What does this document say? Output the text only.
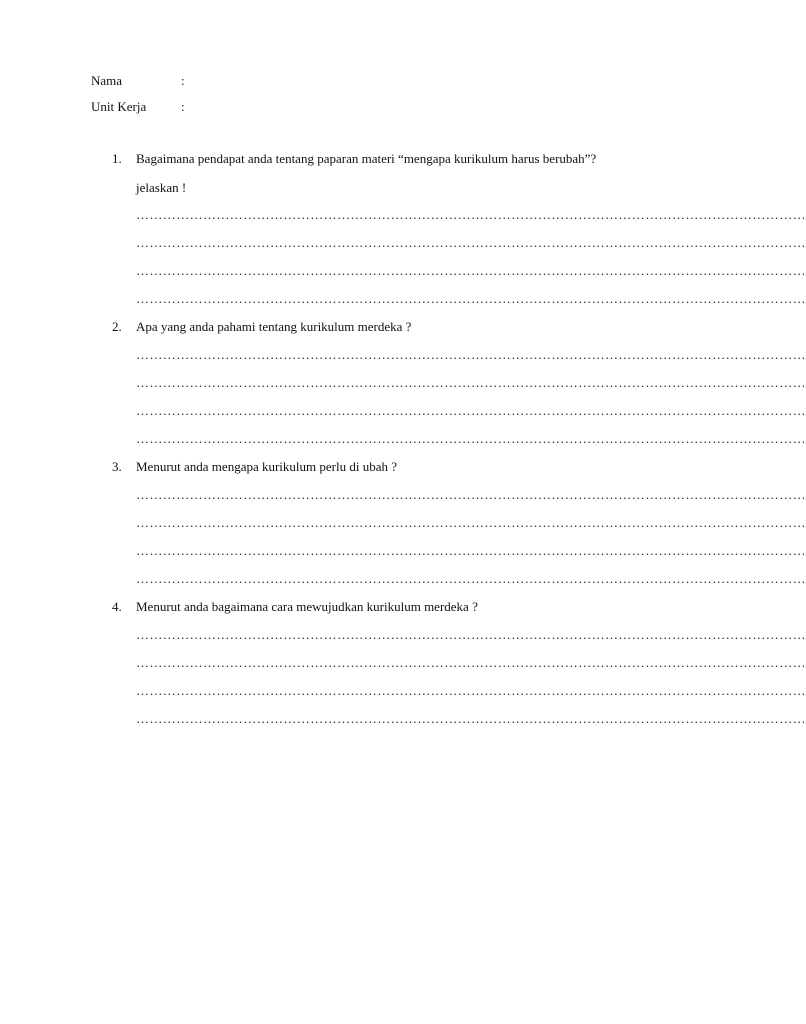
Nama	:
Unit Kerja	:
1. Bagaimana pendapat anda tentang paparan materi “mengapa kurikulum harus berubah”?
jelaskan !
……………………………………………………………………………………………………………………………………
……………………………………………………………………………………………………………………………………
……………………………………………………………………………………………………………………………………
……………………………………………………………………………………………………………………………………
2. Apa yang anda pahami tentang kurikulum merdeka ?
……………………………………………………………………………………………………………………………………
……………………………………………………………………………………………………………………………………
……………………………………………………………………………………………………………………………………
……………………………………………………………………………………………………………………………………
3. Menurut anda mengapa kurikulum perlu di ubah ?
……………………………………………………………………………………………………………………………………
……………………………………………………………………………………………………………………………………
……………………………………………………………………………………………………………………………………
……………………………………………………………………………………………………………………………………
4. Menurut anda bagaimana cara mewujudkan kurikulum merdeka ?
……………………………………………………………………………………………………………………………………
……………………………………………………………………………………………………………………………………
……………………………………………………………………………………………………………………………………
……………………………………………………………………………………………………………………………………
